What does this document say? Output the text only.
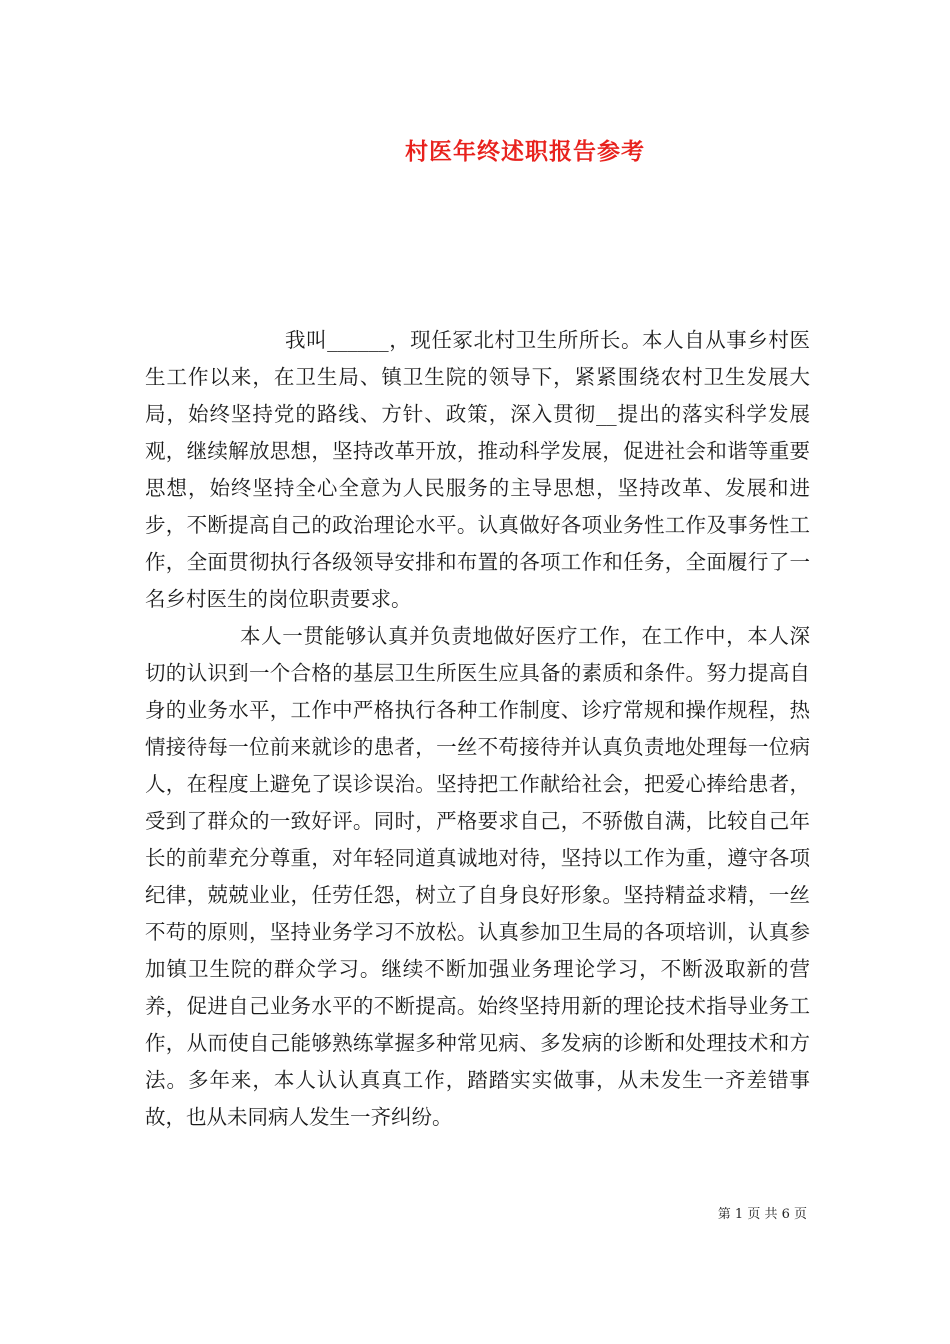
村医年终述职报告参考

我叫______，现任冢北村卫生所所长。本人自从事乡村医生工作以来，在卫生局、镇卫生院的领导下，紧紧围绕农村卫生发展大局，始终坚持党的路线、方针、政策，深入贯彻__提出的落实科学发展观，继续解放思想，坚持改革开放，推动科学发展，促进社会和谐等重要思想，始终坚持全心全意为人民服务的主导思想，坚持改革、发展和进步，不断提高自己的政治理论水平。认真做好各项业务性工作及事务性工作，全面贯彻执行各级领导安排和布置的各项工作和任务，全面履行了一名乡村医生的岗位职责要求。

本人一贯能够认真并负责地做好医疗工作，在工作中，本人深切的认识到一个合格的基层卫生所医生应具备的素质和条件。努力提高自身的业务水平，工作中严格执行各种工作制度、诊疗常规和操作规程，热情接待每一位前来就诊的患者，一丝不苟接待并认真负责地处理每一位病人，在程度上避免了误诊误治。坚持把工作献给社会，把爱心捧给患者，受到了群众的一致好评。同时，严格要求自己，不骄傲自满，比较自己年长的前辈充分尊重，对年轻同道真诚地对待，坚持以工作为重，遵守各项纪律，兢兢业业，任劳任怨，树立了自身良好形象。坚持精益求精，一丝不苟的原则，坚持业务学习不放松。认真参加卫生局的各项培训，认真参加镇卫生院的群众学习。继续不断加强业务理论学习，不断汲取新的营养，促进自己业务水平的不断提高。始终坚持用新的理论技术指导业务工作，从而使自己能够熟练掌握多种常见病、多发病的诊断和处理技术和方法。多年来，本人认认真真工作，踏踏实实做事，从未发生一齐差错事故，也从未同病人发生一齐纠纷。

第 1 页 共 6 页
